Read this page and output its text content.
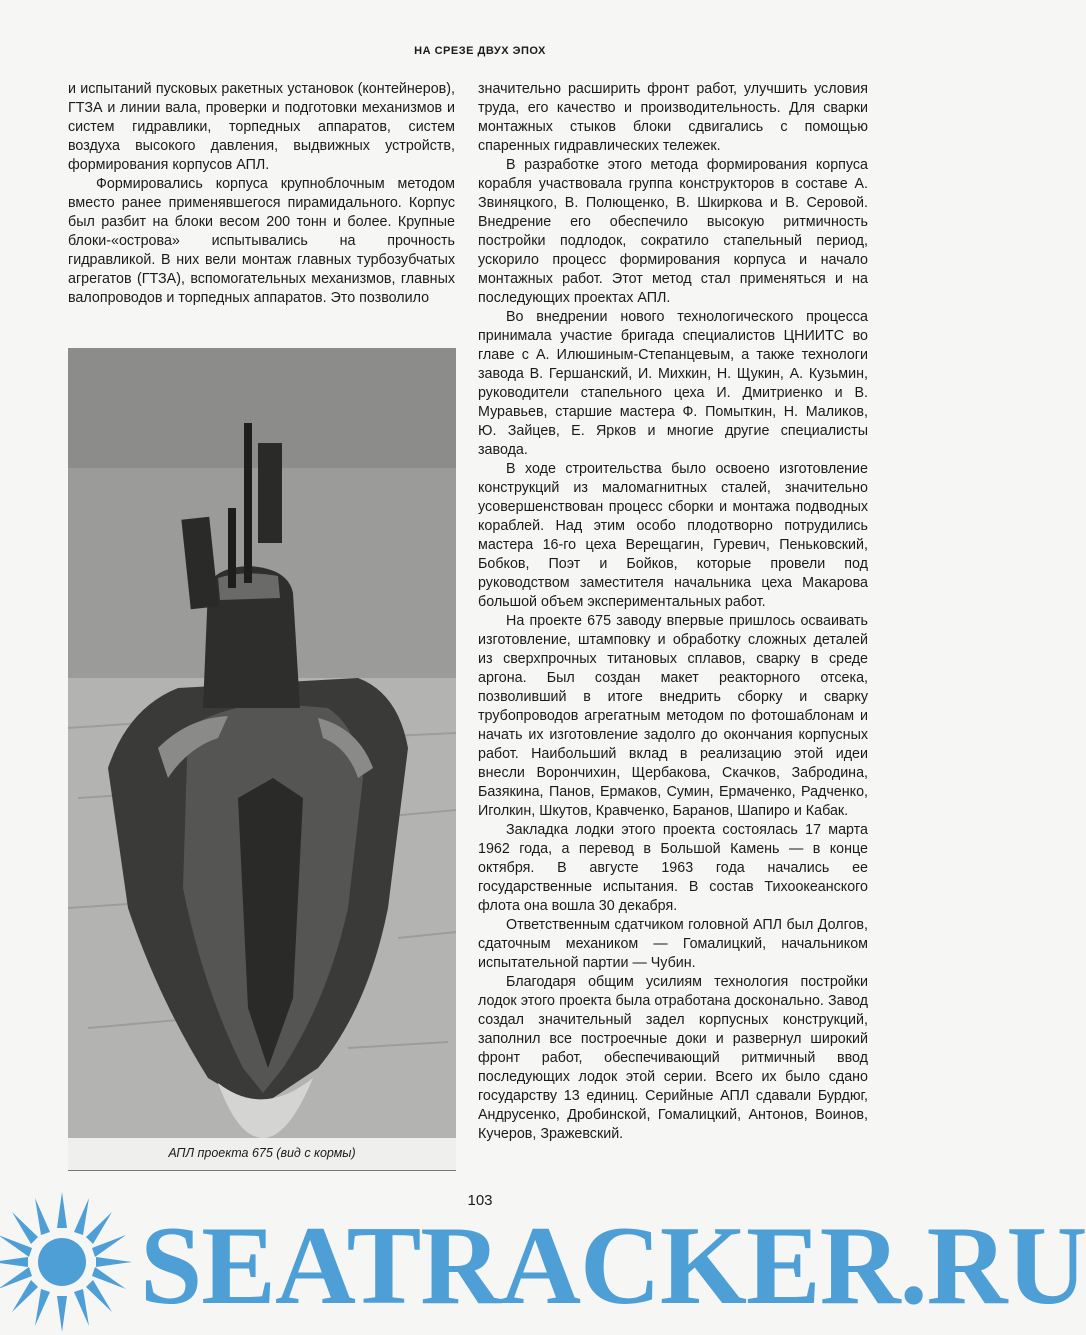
НА СРЕЗЕ ДВУХ ЭПОХ

и испытаний пусковых ракетных установок (контейнеров), ГТЗА и линии вала, проверки и подготовки механизмов и систем гидравлики, торпедных аппаратов, систем воздуха высокого давления, выдвижных устройств, формирования корпусов АПЛ.

Формировались корпуса крупноблочным методом вместо ранее применявшегося пирамидального. Корпус был разбит на блоки весом 200 тонн и более. Крупные блоки-«острова» испытывались на прочность гидравликой. В них вели монтаж главных турбозубчатых агрегатов (ГТЗА), вспомогательных механизмов, главных валопроводов и торпедных аппаратов. Это позволило

АПЛ проекта 675 (вид с кормы)

значительно расширить фронт работ, улучшить условия труда, его качество и производительность. Для сварки монтажных стыков блоки сдвигались с помощью спаренных гидравлических тележек.

В разработке этого метода формирования корпуса корабля участвовала группа конструкторов в составе А. Звиняцкого, В. Полющенко, В. Шкиркова и В. Серовой. Внедрение его обеспечило высокую ритмичность постройки подлодок, сократило стапельный период, ускорило процесс формирования корпуса и начало монтажных работ. Этот метод стал применяться и на последующих проектах АПЛ.

Во внедрении нового технологического процесса принимала участие бригада специалистов ЦНИИТС во главе с А. Илюшиным-Степанцевым, а также технологи завода В. Гершанский, И. Михкин, Н. Щукин, А. Кузьмин, руководители стапельного цеха И. Дмитриенко и В. Муравьев, старшие мастера Ф. Помыткин, Н. Маликов, Ю. Зайцев, Е. Ярков и многие другие специалисты завода.

В ходе строительства было освоено изготовление конструкций из маломагнитных сталей, значительно усовершенствован процесс сборки и монтажа подводных кораблей. Над этим особо плодотворно потрудились мастера 16-го цеха Верещагин, Гуревич, Пеньковский, Бобков, Поэт и Бойков, которые провели под руководством заместителя начальника цеха Макарова большой объем экспериментальных работ.

На проекте 675 заводу впервые пришлось осваивать изготовление, штамповку и обработку сложных деталей из сверхпрочных титановых сплавов, сварку в среде аргона. Был создан макет реакторного отсека, позволивший в итоге внедрить сборку и сварку трубопроводов агрегатным методом по фотошаблонам и начать их изготовление задолго до окончания корпусных работ. Наибольший вклад в реализацию этой идеи внесли Ворончихин, Щербакова, Скачков, Забродина, Базякина, Панов, Ермаков, Сумин, Ермаченко, Радченко, Иголкин, Шкутов, Кравченко, Баранов, Шапиро и Кабак.

Закладка лодки этого проекта состоялась 17 марта 1962 года, а перевод в Большой Камень — в конце октября. В августе 1963 года начались ее государственные испытания. В состав Тихоокеанского флота она вошла 30 декабря.

Ответственным сдатчиком головной АПЛ был Долгов, сдаточным механиком — Гомалицкий, начальником испытательной партии — Чубин.

Благодаря общим усилиям технология постройки лодок этого проекта была отработана досконально. Завод создал значительный задел корпусных конструкций, заполнил все построечные доки и развернул широкий фронт работ, обеспечивающий ритмичный ввод последующих лодок этой серии. Всего их было сдано государству 13 единиц. Серийные АПЛ сдавали Бурдюг, Андрусенко, Дробинской, Гомалицкий, Антонов, Воинов, Кучеров, Зражевский.

103
SEATRACKER.RU
